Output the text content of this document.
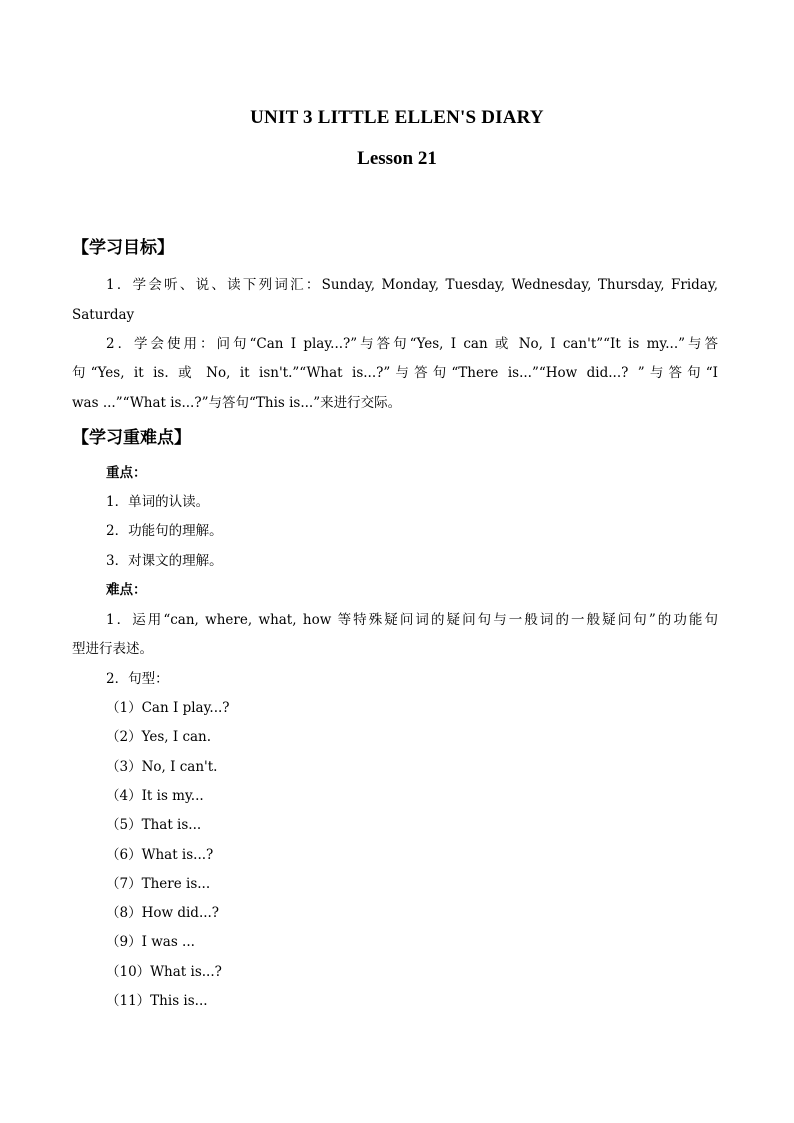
UNIT 3 LITTLE ELLEN'S DIARY
Lesson 21
【学习目标】
1．学会听、说、读下列词汇：Sunday, Monday, Tuesday, Wednesday, Thursday, Friday,
Saturday
2．学会使用：问句“Can I play...?”与答句“Yes, I can 或 No, I can't”“It is my...”与答
句“Yes, it is. 或 No, it isn't.”“What is...?”与答句“There is...”“How did...? ”与答句“I
was ...”“What is...?”与答句“This is...”来进行交际。
【学习重难点】
重点：
1．单词的认读。
2．功能句的理解。
3．对课文的理解。
难点：
1．运用“can, where, what, how 等特殊疑问词的疑问句与一般词的一般疑问句”的功能句
型进行表述。
2．句型：
（1）Can I play...?
（2）Yes, I can.
（3）No, I can't.
（4）It is my...
（5）That is...
（6）What is...?
（7）There is...
（8）How did...?
（9）I was ...
（10）What is...?
（11）This is...
